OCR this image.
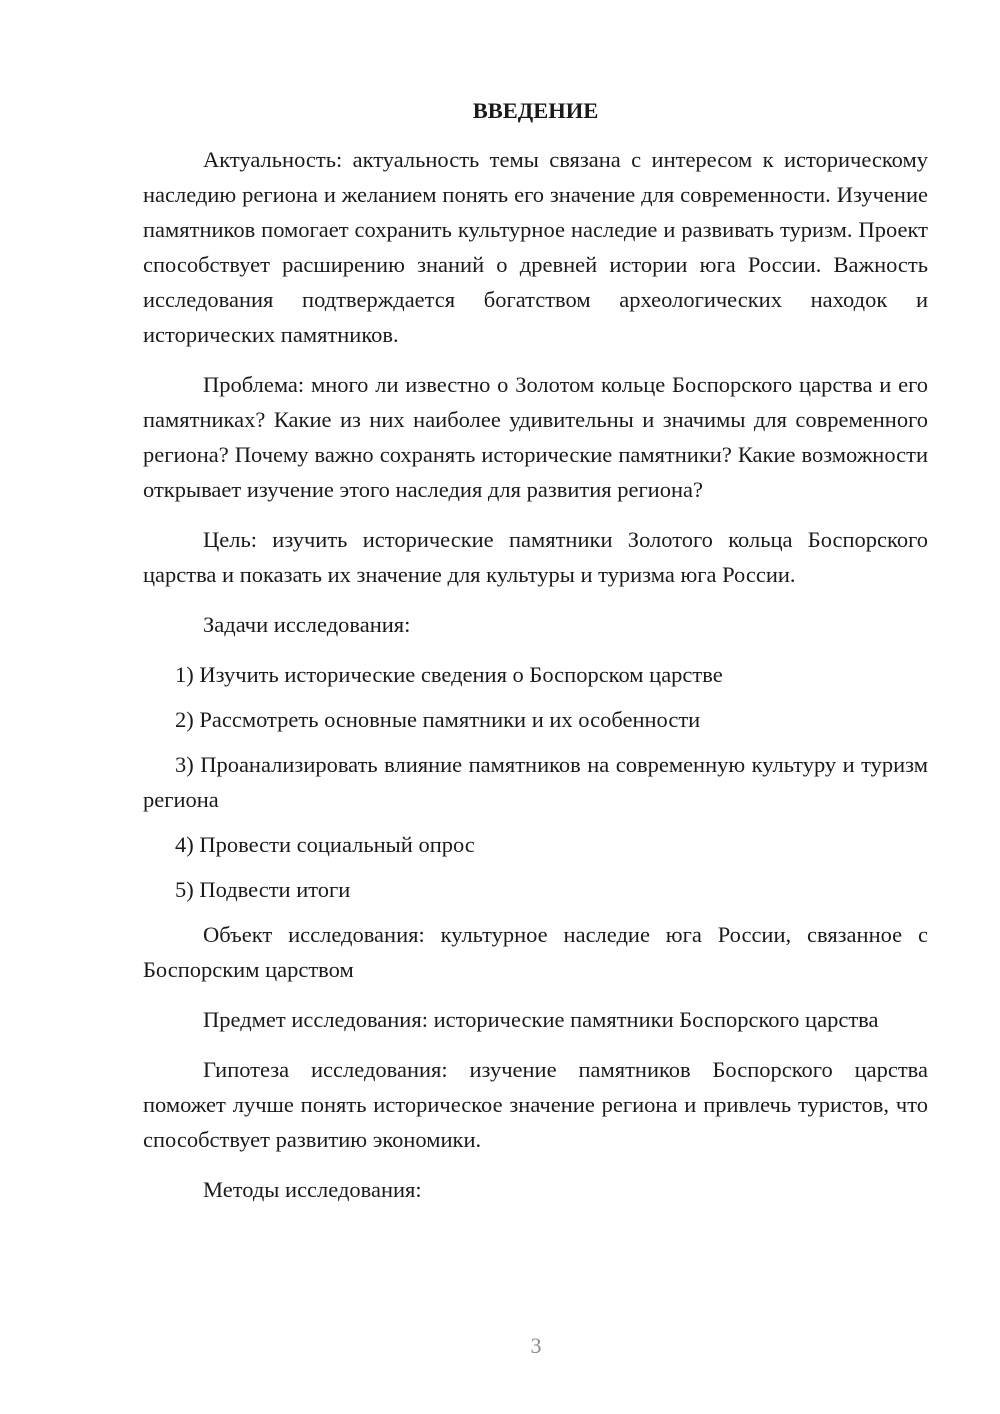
ВВЕДЕНИЕ

Актуальность: актуальность темы связана с интересом к историческому наследию региона и желанием понять его значение для современности. Изучение памятников помогает сохранить культурное наследие и развивать туризм. Проект способствует расширению знаний о древней истории юга России. Важность исследования подтверждается богатством археологических находок и исторических памятников.

Проблема: много ли известно о Золотом кольце Боспорского царства и его памятниках? Какие из них наиболее удивительны и значимы для современного региона? Почему важно сохранять исторические памятники? Какие возможности открывает изучение этого наследия для развития региона?

Цель: изучить исторические памятники Золотого кольца Боспорского царства и показать их значение для культуры и туризма юга России.

Задачи исследования:

1) Изучить исторические сведения о Боспорском царстве

2) Рассмотреть основные памятники и их особенности

3) Проанализировать влияние памятников на современную культуру и туризм региона

4) Провести социальный опрос

5) Подвести итоги

Объект исследования: культурное наследие юга России, связанное с Боспорским царством

Предмет исследования: исторические памятники Боспорского царства

Гипотеза исследования: изучение памятников Боспорского царства поможет лучше понять историческое значение региона и привлечь туристов, что способствует развитию экономики.

Методы исследования:

3
